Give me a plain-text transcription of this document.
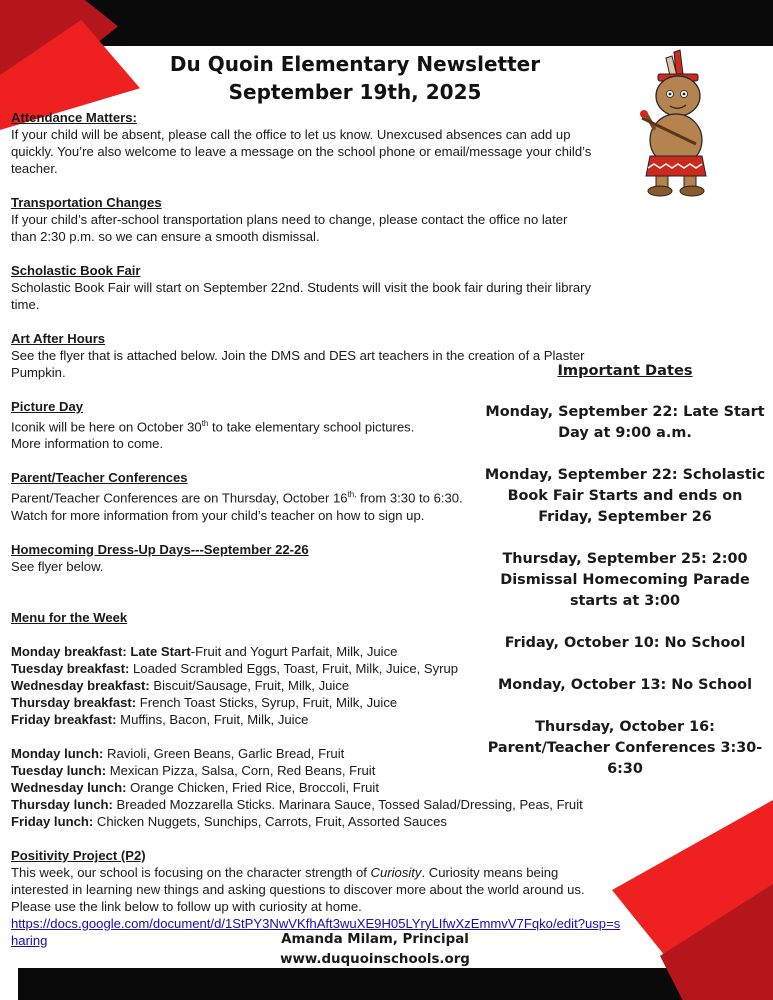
Du Quoin Elementary Newsletter
September 19th, 2025
Attendance Matters:
If your child will be absent, please call the office to let us know. Unexcused absences can add up
quickly. You’re also welcome to leave a message on the school phone or email/message your child’s
teacher.
Transportation Changes
If your child’s after-school transportation plans need to change, please contact the office no later
than 2:30 p.m. so we can ensure a smooth dismissal.
Scholastic Book Fair
Scholastic Book Fair will start on September 22nd. Students will visit the book fair during their library
time.
Art After Hours
See the flyer that is attached below. Join the DMS and DES art teachers in the creation of a Plaster
Pumpkin.
Picture Day
Iconik will be here on October 30th to take elementary school pictures.
More information to come.
Parent/Teacher Conferences
Parent/Teacher Conferences are on Thursday, October $16^{th,}$ from 3:30 to 6:30.
Watch for more information from your child’s teacher on how to sign up.
Homecoming Dress-Up Days---September 22-26
See flyer below.
Menu for the Week
Monday breakfast: Late Start-Fruit and Yogurt Parfait, Milk, Juice
Tuesday breakfast: Loaded Scrambled Eggs, Toast, Fruit, Milk, Juice, Syrup
Wednesday breakfast: Biscuit/Sausage, Fruit, Milk, Juice
Thursday breakfast: French Toast Sticks, Syrup, Fruit, Milk, Juice
Friday breakfast: Muffins, Bacon, Fruit, Milk, Juice
Monday lunch: Ravioli, Green Beans, Garlic Bread, Fruit
Tuesday lunch: Mexican Pizza, Salsa, Corn, Red Beans, Fruit
Wednesday lunch: Orange Chicken, Fried Rice, Broccoli, Fruit
Thursday lunch: Breaded Mozzarella Sticks. Marinara Sauce, Tossed Salad/Dressing, Peas, Fruit
Friday lunch: Chicken Nuggets, Sunchips, Carrots, Fruit, Assorted Sauces
Positivity Project (P2)
This week, our school is focusing on the character strength of Curiosity. Curiosity means being
interested in learning new things and asking questions to discover more about the world around us.
Please use the link below to follow up with curiosity at home.
https://docs.google.com/document/d/1StPY3NwVKfhAft3wuXE9H05LYryLIfwXzEmmvV7Fqko/edit?usp=sharing
Important Dates
Monday, September 22: Late Start Day at 9:00 a.m.
Monday, September 22: Scholastic Book Fair Starts and ends on Friday, September 26
Thursday, September 25: 2:00 Dismissal Homecoming Parade starts at 3:00
Friday, October 10: No School
Monday, October 13: No School
Thursday, October 16: Parent/Teacher Conferences 3:30-6:30
Amanda Milam, Principal
www.duquoinschools.org
